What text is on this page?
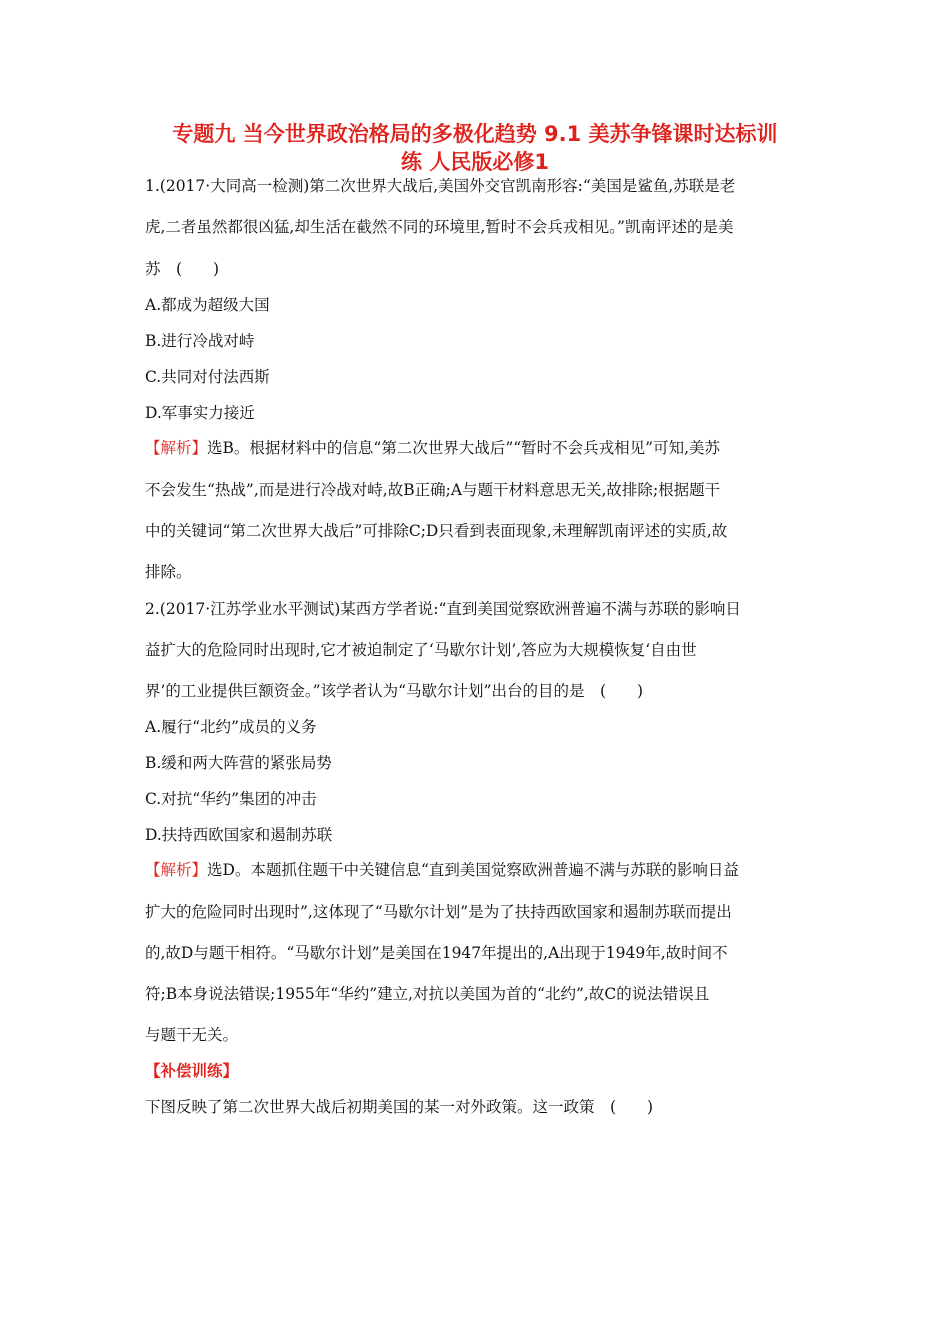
专题九 当今世界政治格局的多极化趋势 9.1 美苏争锋课时达标训
练 人民版必修1
1.(2017·大同高一检测)第二次世界大战后,美国外交官凯南形容:“美国是鲨鱼,苏联是老
虎,二者虽然都很凶猛,却生活在截然不同的环境里,暂时不会兵戎相见。”凯南评述的是美
苏　(　　)
A.都成为超级大国
B.进行冷战对峙
C.共同对付法西斯
D.军事实力接近
【解析】选B。根据材料中的信息“第二次世界大战后”“暂时不会兵戎相见”可知,美苏
不会发生“热战”,而是进行冷战对峙,故B正确;A与题干材料意思无关,故排除;根据题干
中的关键词“第二次世界大战后”可排除C;D只看到表面现象,未理解凯南评述的实质,故
排除。
2.(2017·江苏学业水平测试)某西方学者说:“直到美国觉察欧洲普遍不满与苏联的影响日
益扩大的危险同时出现时,它才被迫制定了‘马歇尔计划’,答应为大规模恢复‘自由世
界’的工业提供巨额资金。”该学者认为“马歇尔计划”出台的目的是　(　　)
A.履行“北约”成员的义务
B.缓和两大阵营的紧张局势
C.对抗“华约”集团的冲击
D.扶持西欧国家和遏制苏联
【解析】选D。本题抓住题干中关键信息“直到美国觉察欧洲普遍不满与苏联的影响日益
扩大的危险同时出现时”,这体现了“马歇尔计划”是为了扶持西欧国家和遏制苏联而提出
的,故D与题干相符。“马歇尔计划”是美国在1947年提出的,A出现于1949年,故时间不
符;B本身说法错误;1955年“华约”建立,对抗以美国为首的“北约”,故C的说法错误且
与题干无关。
【补偿训练】
下图反映了第二次世界大战后初期美国的某一对外政策。这一政策　(　　)
